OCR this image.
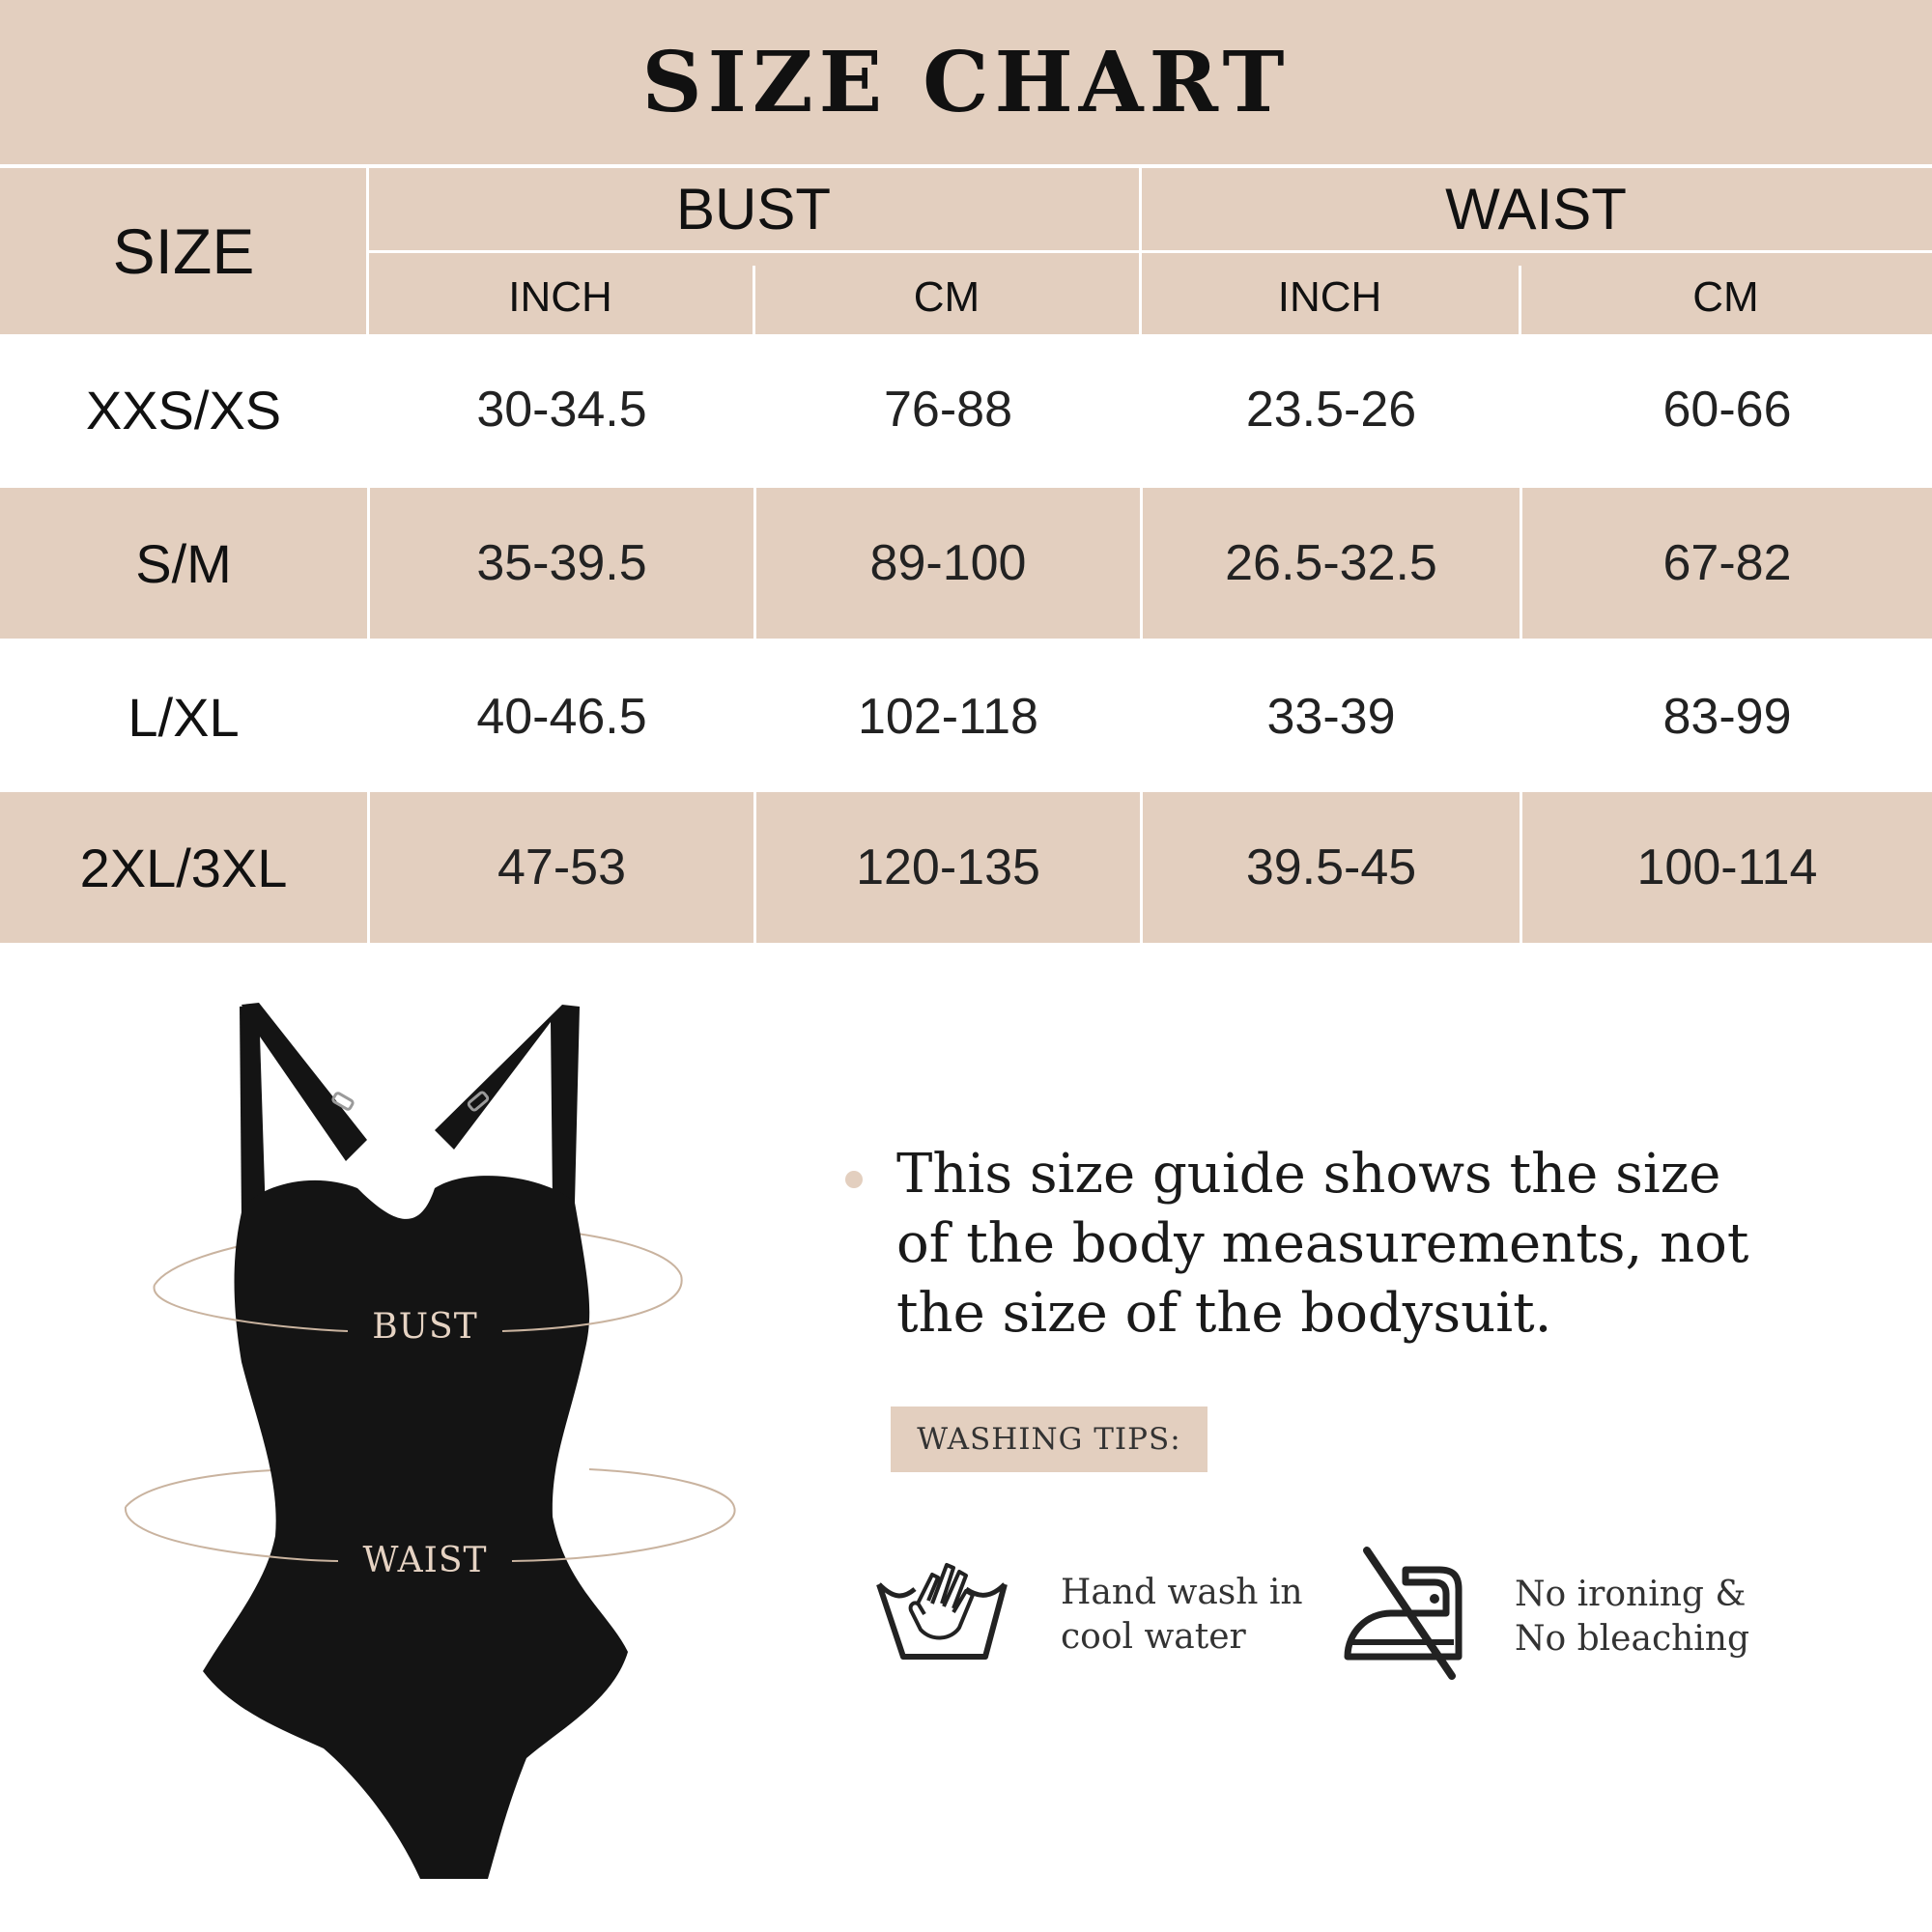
SIZE CHART
SIZE
BUST	WAIST
INCH	CM	INCH	CM
XXS/XS	30-34.5	76-88	23.5-26	60-66
S/M	35-39.5	89-100	26.5-32.5	67-82
L/XL	40-46.5	102-118	33-39	83-99
2XL/3XL	47-53	120-135	39.5-45	100-114
BUST
WAIST
This size guide shows the size of the body measurements, not the size of the bodysuit.
WASHING TIPS:
Hand wash in
cool water
No ironing &
No bleaching
